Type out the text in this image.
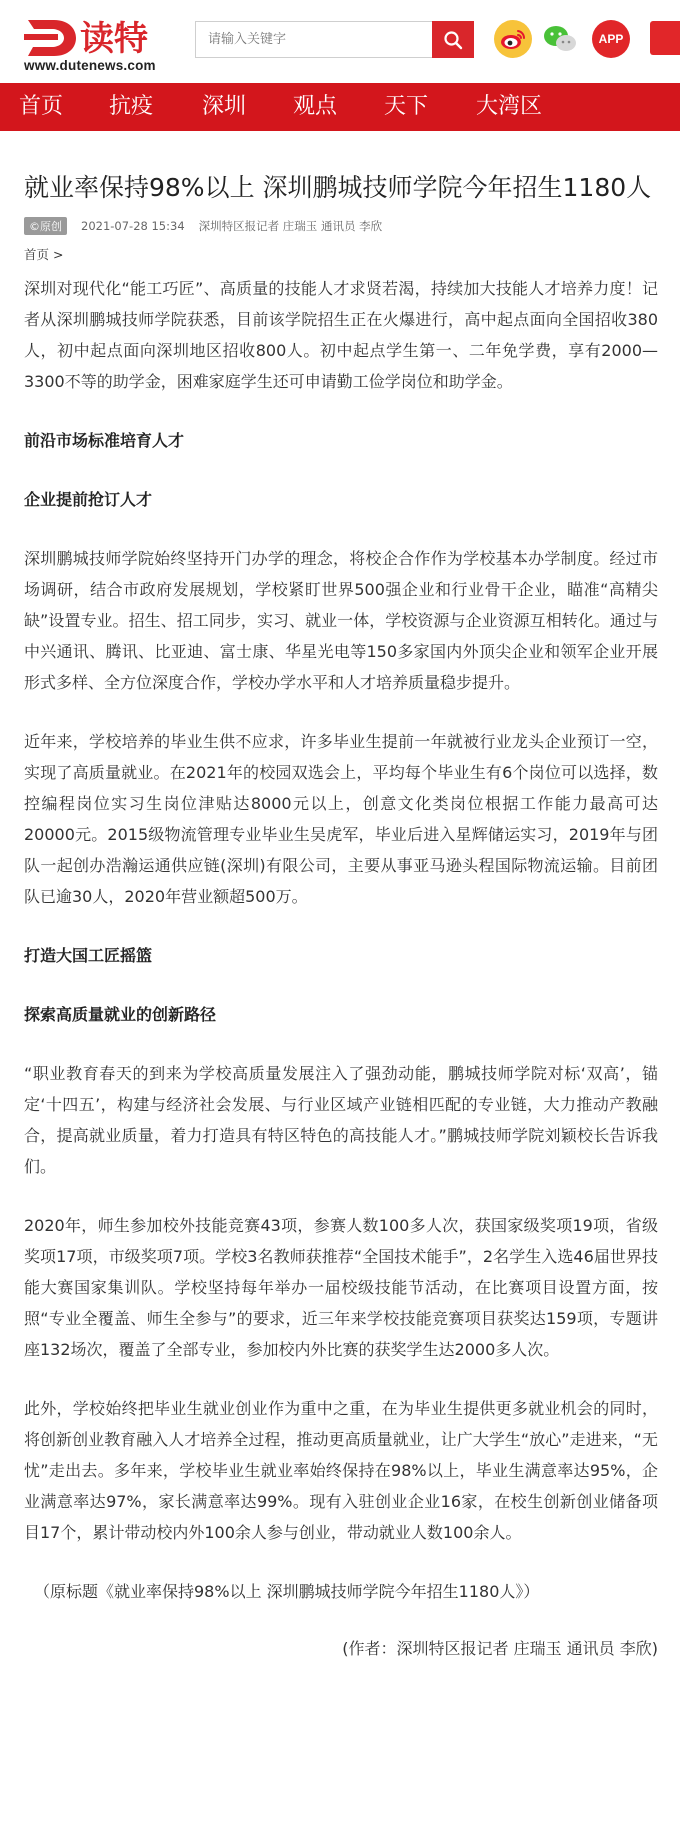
读特
www.dutenews.com
请输入关键字
APP
首页	抗疫	深圳	观点	天下	大湾区
就业率保持98%以上 深圳鹏城技师学院今年招生1180人
©原创	2021-07-28 15:34 深圳特区报记者 庄瑞玉 通讯员 李欣
首页 >

深圳对现代化“能工巧匠”、高质量的技能人才求贤若渴，持续加大技能人才培养力度！记者从深圳鹏城技师学院获悉，目前该学院招生正在火爆进行，高中起点面向全国招收380人，初中起点面向深圳地区招收800人。初中起点学生第一、二年免学费，享有2000—3300不等的助学金，困难家庭学生还可申请勤工俭学岗位和助学金。

前沿市场标准培育人才

企业提前抢订人才

深圳鹏城技师学院始终坚持开门办学的理念，将校企合作作为学校基本办学制度。经过市场调研，结合市政府发展规划，学校紧盯世界500强企业和行业骨干企业，瞄准“高精尖缺”设置专业。招生、招工同步，实习、就业一体，学校资源与企业资源互相转化。通过与中兴通讯、腾讯、比亚迪、富士康、华星光电等150多家国内外顶尖企业和领军企业开展形式多样、全方位深度合作，学校办学水平和人才培养质量稳步提升。

近年来，学校培养的毕业生供不应求，许多毕业生提前一年就被行业龙头企业预订一空，实现了高质量就业。在2021年的校园双选会上，平均每个毕业生有6个岗位可以选择，数控编程岗位实习生岗位津贴达8000元以上，创意文化类岗位根据工作能力最高可达20000元。2015级物流管理专业毕业生吴虎军，毕业后进入星辉储运实习，2019年与团队一起创办浩瀚运通供应链(深圳)有限公司，主要从事亚马逊头程国际物流运输。目前团队已逾30人，2020年营业额超500万。

打造大国工匠摇篮

探索高质量就业的创新路径

“职业教育春天的到来为学校高质量发展注入了强劲动能，鹏城技师学院对标‘双高’，锚定‘十四五’，构建与经济社会发展、与行业区域产业链相匹配的专业链，大力推动产教融合，提高就业质量，着力打造具有特区特色的高技能人才。”鹏城技师学院刘颖校长告诉我们。

2020年，师生参加校外技能竞赛43项，参赛人数100多人次，获国家级奖项19项，省级奖项17项，市级奖项7项。学校3名教师获推荐“全国技术能手”，2名学生入选46届世界技能大赛国家集训队。学校坚持每年举办一届校级技能节活动，在比赛项目设置方面，按照“专业全覆盖、师生全参与”的要求，近三年来学校技能竞赛项目获奖达159项，专题讲座132场次，覆盖了全部专业，参加校内外比赛的获奖学生达2000多人次。

此外，学校始终把毕业生就业创业作为重中之重，在为毕业生提供更多就业机会的同时，将创新创业教育融入人才培养全过程，推动更高质量就业，让广大学生“放心”走进来，“无忧”走出去。多年来，学校毕业生就业率始终保持在98%以上，毕业生满意率达95%，企业满意率达97%，家长满意率达99%。现有入驻创业企业16家，在校生创新创业储备项目17个，累计带动校内外100余人参与创业，带动就业人数100余人。

（原标题《就业率保持98%以上 深圳鹏城技师学院今年招生1180人》）

(作者：深圳特区报记者 庄瑞玉 通讯员 李欣)
